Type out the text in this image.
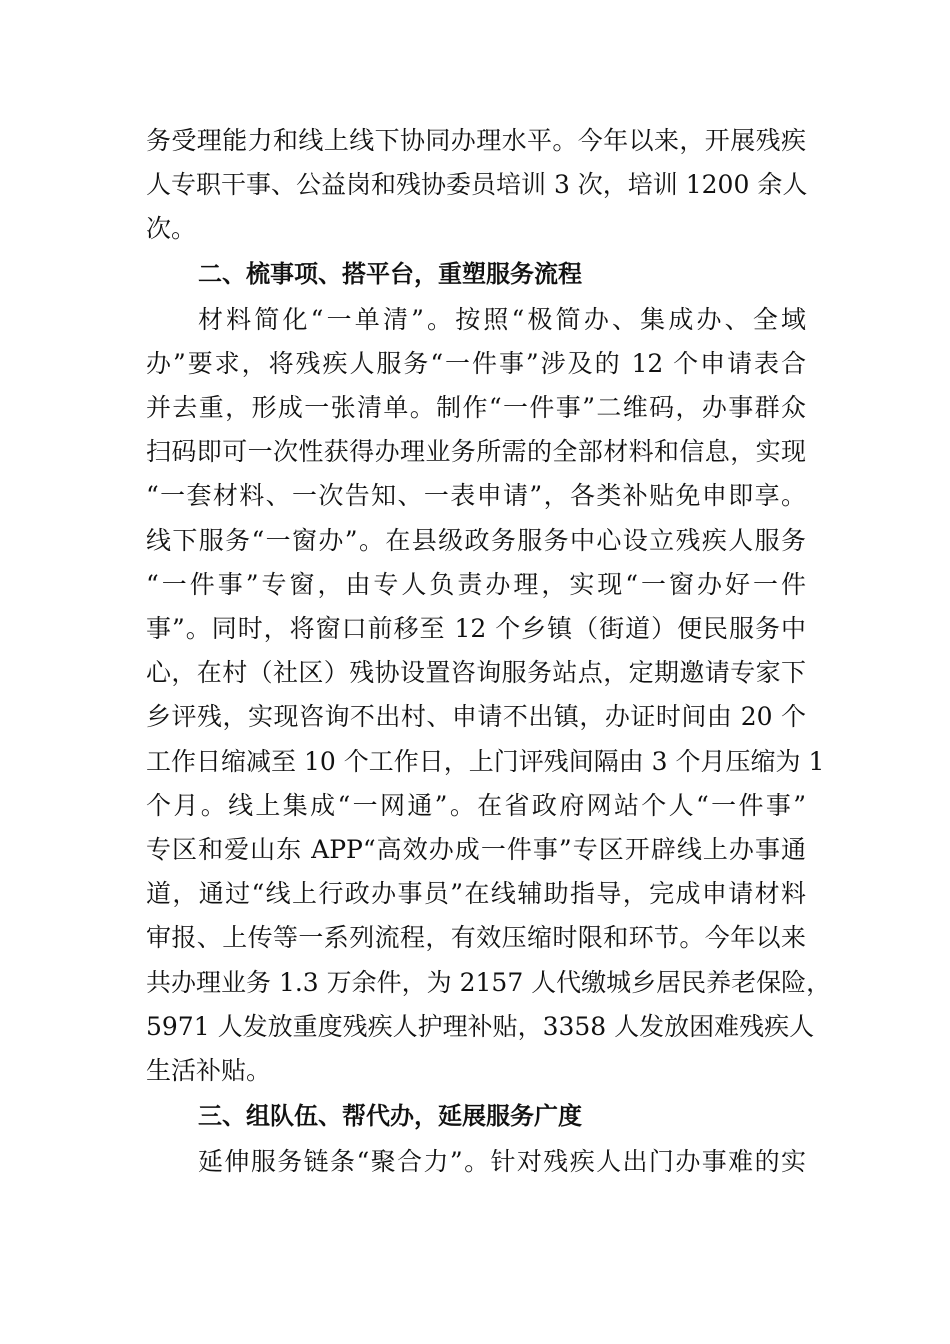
务受理能力和线上线下协同办理水平。今年以来，开展残疾
人专职干事、公益岗和残协委员培训 3 次，培训 1200 余人
次。
二、梳事项、搭平台，重塑服务流程
材料简化“一单清”。按照“极简办、集成办、全域
办”要求，将残疾人服务“一件事”涉及的 12 个申请表合
并去重，形成一张清单。制作“一件事”二维码，办事群众
扫码即可一次性获得办理业务所需的全部材料和信息，实现
“一套材料、一次告知、一表申请”，各类补贴免申即享。
线下服务“一窗办”。在县级政务服务中心设立残疾人服务
“一件事”专窗，由专人负责办理，实现“一窗办好一件
事”。同时，将窗口前移至 12 个乡镇（街道）便民服务中
心，在村（社区）残协设置咨询服务站点，定期邀请专家下
乡评残，实现咨询不出村、申请不出镇，办证时间由 20 个
工作日缩减至 10 个工作日，上门评残间隔由 3 个月压缩为 1
个月。线上集成“一网通”。在省政府网站个人“一件事”
专区和爱山东 APP“高效办成一件事”专区开辟线上办事通
道，通过“线上行政办事员”在线辅助指导，完成申请材料
审报、上传等一系列流程，有效压缩时限和环节。今年以来
共办理业务 1.3 万余件，为 2157 人代缴城乡居民养老保险，
5971 人发放重度残疾人护理补贴，3358 人发放困难残疾人
生活补贴。
三、组队伍、帮代办，延展服务广度
延伸服务链条“聚合力”。针对残疾人出门办事难的实
